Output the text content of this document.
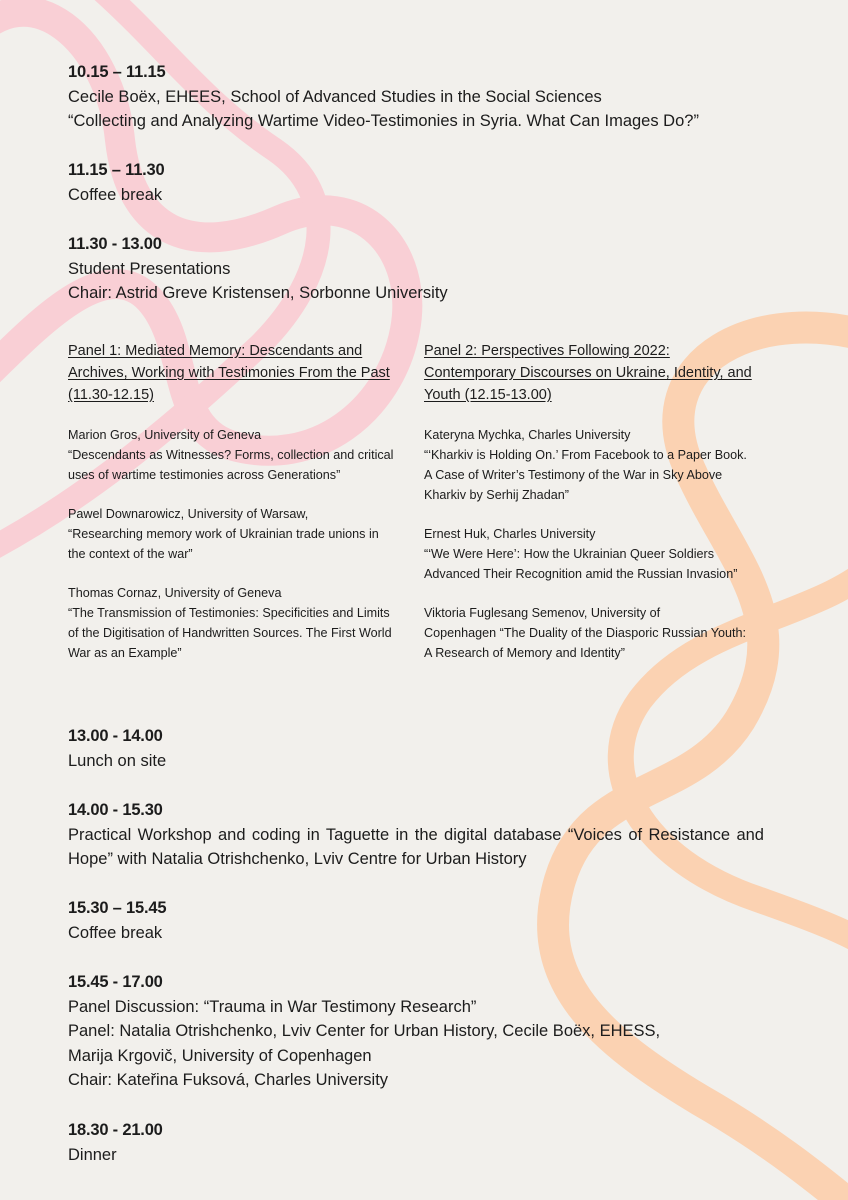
10.15 – 11.15
Cecile Boëx, EHEES, School of Advanced Studies in the Social Sciences
“Collecting and Analyzing Wartime Video-Testimonies in Syria. What Can Images Do?”
11.15 – 11.30
Coffee break
11.30 - 13.00
Student Presentations
Chair: Astrid Greve Kristensen, Sorbonne University
Panel 1: Mediated Memory: Descendants and Archives, Working with Testimonies From the Past (11.30-12.15)

Marion Gros, University of Geneva

“Descendants as Witnesses? Forms, collection and critical uses of wartime testimonies across Generations”

Pawel Downarowicz, University of Warsaw,

“Researching memory work of Ukrainian trade unions in the context of the war”

Thomas Cornaz, University of Geneva

“The Transmission of Testimonies: Specificities and Limits of the Digitisation of Handwritten Sources. The First World War as an Example”

Panel 2: Perspectives Following 2022: Contemporary Discourses on Ukraine, Identity, and Youth (12.15-13.00)

Kateryna Mychka, Charles University

“‘Kharkiv is Holding On.’ From Facebook to a Paper Book. A Case of Writer’s Testimony of the War in Sky Above Kharkiv by Serhij Zhadan”

Ernest Huk, Charles University

“‘We Were Here’: How the Ukrainian Queer Soldiers Advanced Their Recognition amid the Russian Invasion”

Viktoria Fuglesang Semenov, University of

Copenhagen “The Duality of the Diasporic Russian Youth: A Research of Memory and Identity”

13.00 - 14.00
Lunch on site
14.00 - 15.30
Practical Workshop and coding in Taguette in the digital database “Voices of Resistance and Hope” with Natalia Otrishchenko, Lviv Centre for Urban History
15.30 – 15.45
Coffee break
15.45 - 17.00
Panel Discussion: “Trauma in War Testimony Research”
Panel: Natalia Otrishchenko, Lviv Center for Urban History, Cecile Boëx, EHESS,
Marija Krgovič, University of Copenhagen
Chair: Kateřina Fuksová, Charles University
18.30 - 21.00
Dinner
